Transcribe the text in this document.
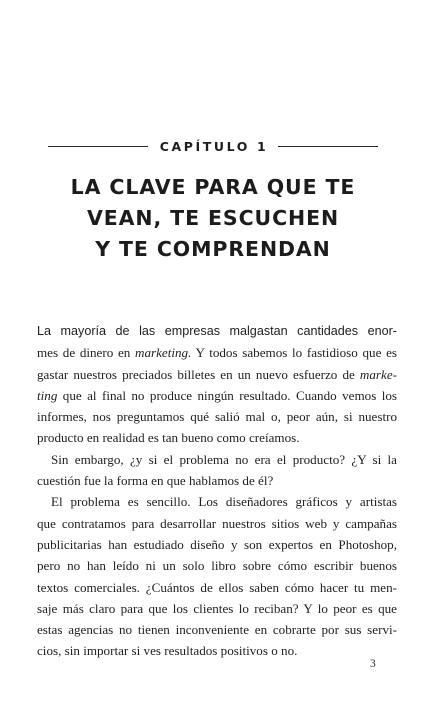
CAPÍTULO 1
LA CLAVE PARA QUE TE
VEAN, TE ESCUCHEN
Y TE COMPRENDAN
La mayoría de las empresas malgastan cantidades enor-
mes de dinero en marketing. Y todos sabemos lo fastidioso que es
gastar nuestros preciados billetes en un nuevo esfuerzo de marke-
ting que al final no produce ningún resultado. Cuando vemos los
informes, nos preguntamos qué salió mal o, peor aún, si nuestro
producto en realidad es tan bueno como creíamos.
Sin embargo, ¿y si el problema no era el producto? ¿Y si la
cuestión fue la forma en que hablamos de él?
El problema es sencillo. Los diseñadores gráficos y artistas
que contratamos para desarrollar nuestros sitios web y campañas
publicitarias han estudiado diseño y son expertos en Photoshop,
pero no han leído ni un solo libro sobre cómo escribir buenos
textos comerciales. ¿Cuántos de ellos saben cómo hacer tu men-
saje más claro para que los clientes lo reciban? Y lo peor es que
estas agencias no tienen inconveniente en cobrarte por sus servi-
cios, sin importar si ves resultados positivos o no.
3
